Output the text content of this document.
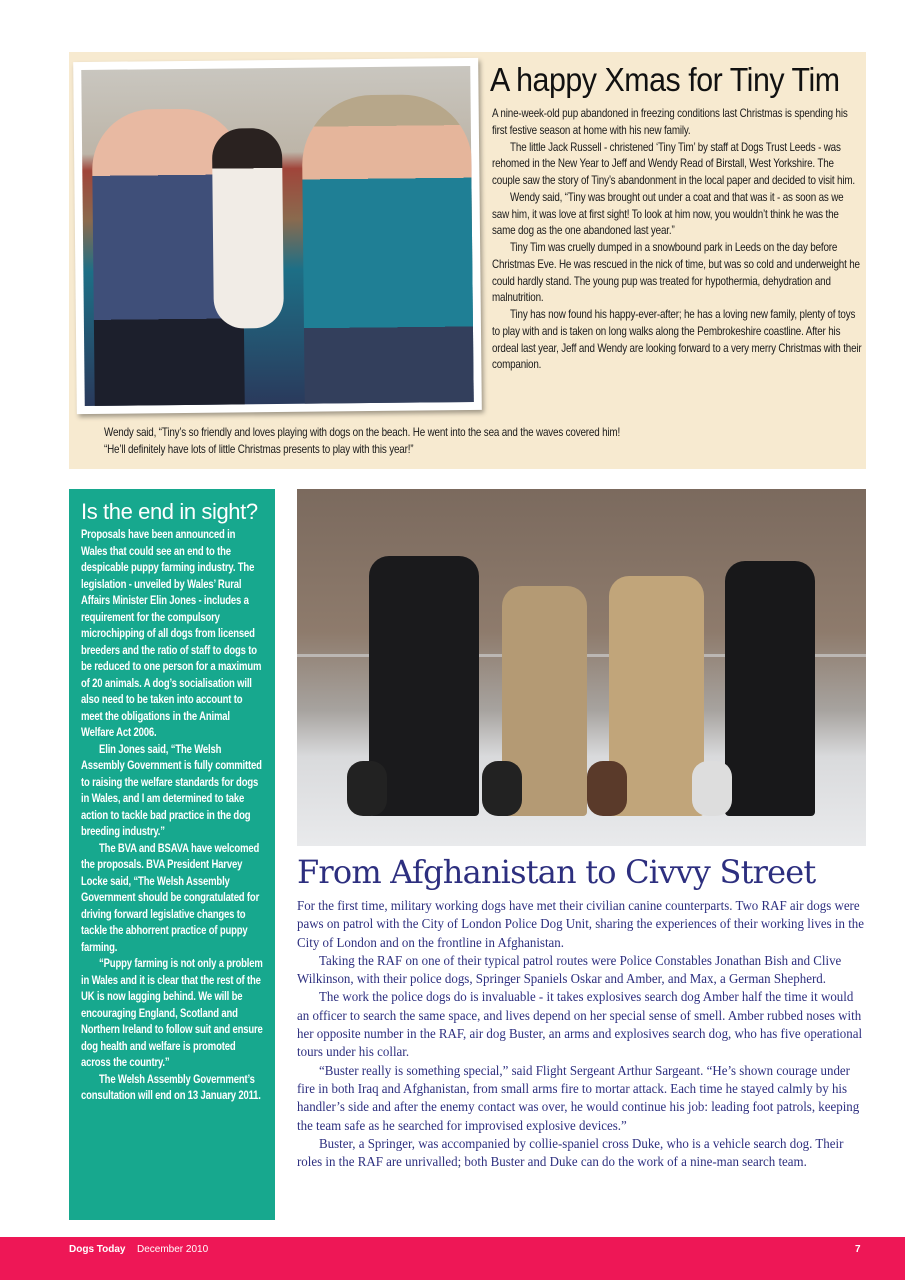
A happy Xmas for Tiny Tim

A nine-week-old pup abandoned in freezing conditions last Christmas is spending his first festive season at home with his new family.

The little Jack Russell - christened ‘Tiny Tim’ by staff at Dogs Trust Leeds - was rehomed in the New Year to Jeff and Wendy Read of Birstall, West Yorkshire. The couple saw the story of Tiny’s abandonment in the local paper and decided to visit him.

Wendy said, “Tiny was brought out under a coat and that was it - as soon as we saw him, it was love at first sight! To look at him now, you wouldn’t think he was the same dog as the one abandoned last year.”

Tiny Tim was cruelly dumped in a snowbound park in Leeds on the day before Christmas Eve. He was rescued in the nick of time, but was so cold and underweight he could hardly stand. The young pup was treated for hypothermia, dehydration and malnutrition.

Tiny has now found his happy-ever-after; he has a loving new family, plenty of toys to play with and is taken on long walks along the Pembrokeshire coastline. After his ordeal last year, Jeff and Wendy are looking forward to a very merry Christmas with their companion.

Wendy said, “Tiny’s so friendly and loves playing with dogs on the beach. He went into the sea and the waves covered him!
“He’ll definitely have lots of little Christmas presents to play with this year!”
Is the end in sight?

Proposals have been announced in Wales that could see an end to the despicable puppy farming industry. The legislation - unveiled by Wales’ Rural Affairs Minister Elin Jones - includes a requirement for the compulsory microchipping of all dogs from licensed breeders and the ratio of staff to dogs to be reduced to one person for a maximum of 20 animals. A dog’s socialisation will also need to be taken into account to meet the obligations in the Animal Welfare Act 2006.

Elin Jones said, “The Welsh Assembly Government is fully committed to raising the welfare standards for dogs in Wales, and I am determined to take action to tackle bad practice in the dog breeding industry.”

The BVA and BSAVA have welcomed the proposals. BVA President Harvey Locke said, “The Welsh Assembly Government should be congratulated for driving forward legislative changes to tackle the abhorrent practice of puppy farming.

“Puppy farming is not only a problem in Wales and it is clear that the rest of the UK is now lagging behind. We will be encouraging England, Scotland and Northern Ireland to follow suit and ensure dog health and welfare is promoted across the country.”

The Welsh Assembly Government’s consultation will end on 13 January 2011.

From Afghanistan to Civvy Street

For the first time, military working dogs have met their civilian canine counterparts. Two RAF air dogs were paws on patrol with the City of London Police Dog Unit, sharing the experiences of their working lives in the City of London and on the frontline in Afghanistan.

Taking the RAF on one of their typical patrol routes were Police Constables Jonathan Bish and Clive Wilkinson, with their police dogs, Springer Spaniels Oskar and Amber, and Max, a German Shepherd.

The work the police dogs do is invaluable - it takes explosives search dog Amber half the time it would an officer to search the same space, and lives depend on her special sense of smell. Amber rubbed noses with her opposite number in the RAF, air dog Buster, an arms and explosives search dog, who has five operational tours under his collar.

“Buster really is something special,” said Flight Sergeant Arthur Sargeant. “He’s shown courage under fire in both Iraq and Afghanistan, from small arms fire to mortar attack. Each time he stayed calmly by his handler’s side and after the enemy contact was over, he would continue his job: leading foot patrols, keeping the team safe as he searched for improvised explosive devices.”

Buster, a Springer, was accompanied by collie-spaniel cross Duke, who is a vehicle search dog. Their roles in the RAF are unrivalled; both Buster and Duke can do the work of a nine-man search team.

Dogs Today December 2010	7
